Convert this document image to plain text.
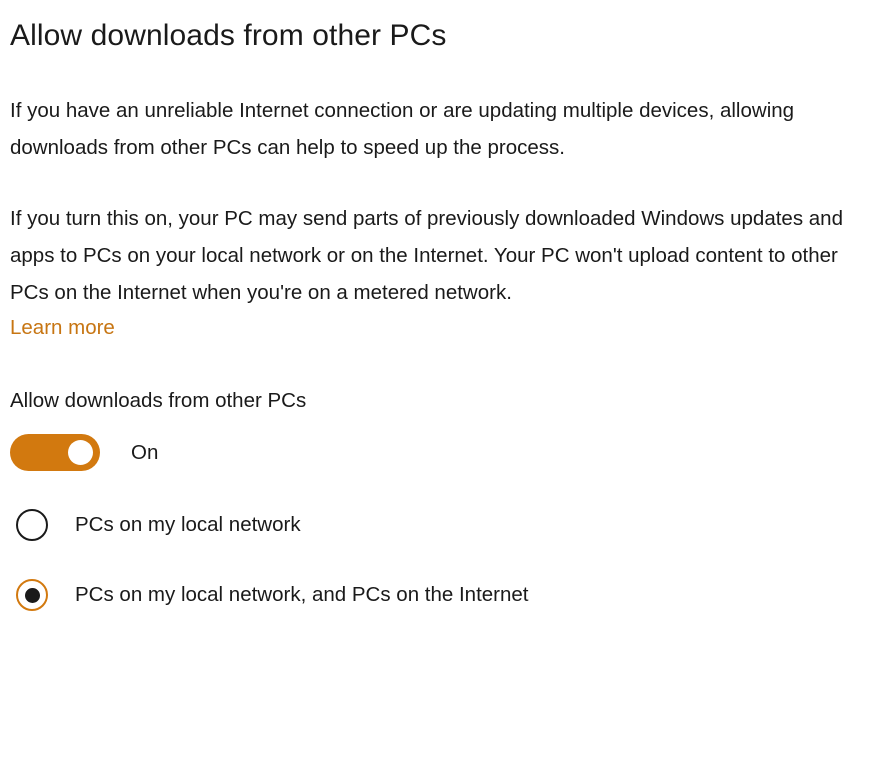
Allow downloads from other PCs

If you have an unreliable Internet connection or are updating multiple devices, allowing downloads from other PCs can help to speed up the process.

If you turn this on, your PC may send parts of previously downloaded Windows updates and apps to PCs on your local network or on the Internet. Your PC won't upload content to other PCs on the Internet when you're on a metered network.

Learn more
Allow downloads from other PCs
On
PCs on my local network
PCs on my local network, and PCs on the Internet
